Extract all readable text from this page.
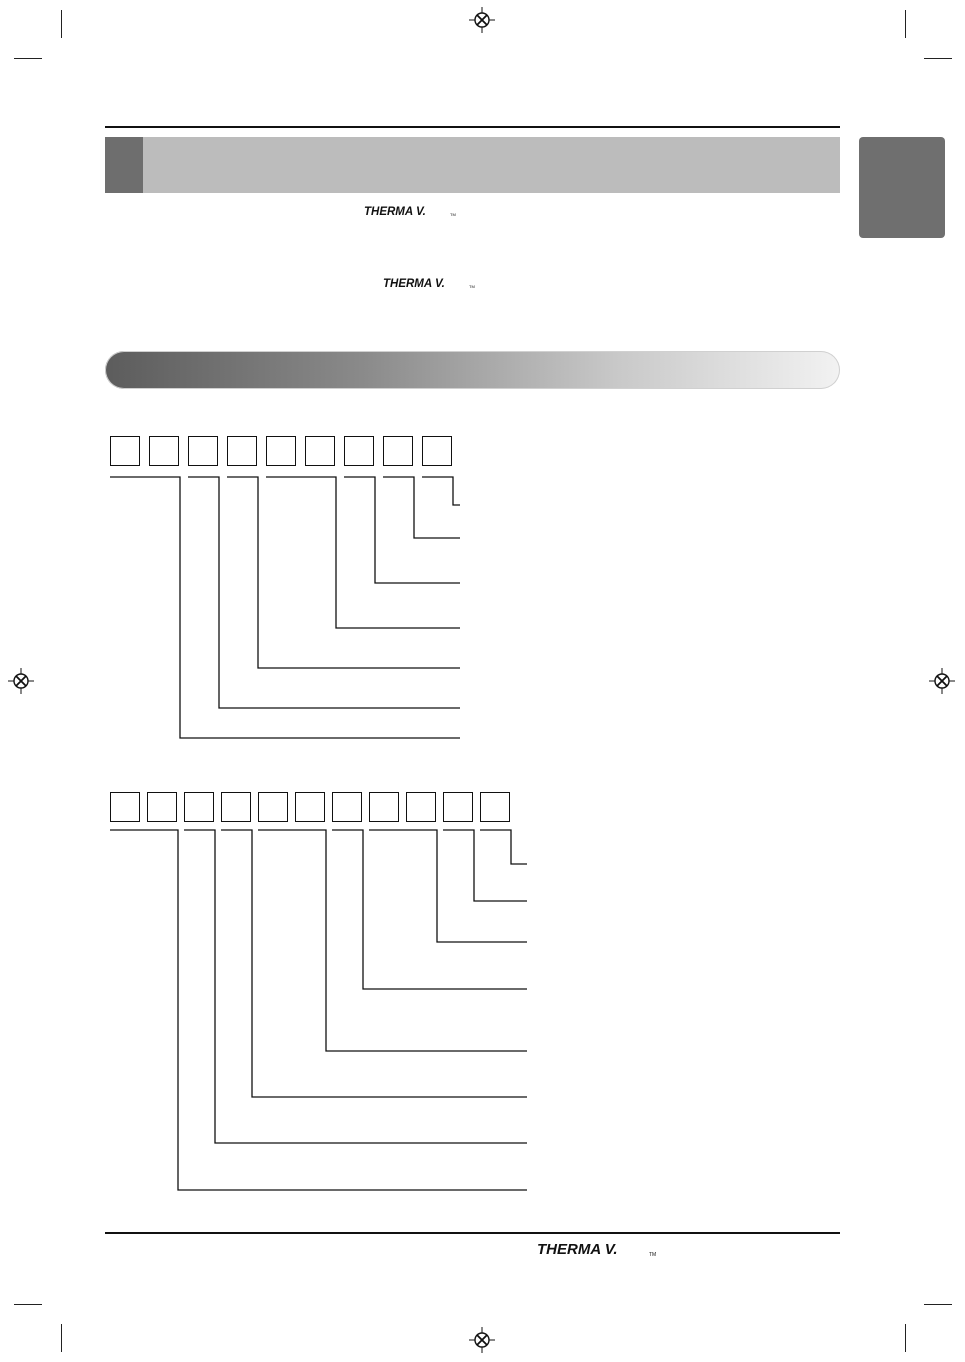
THERMA V.	TM
THERMA V.	TM
THERMA V.	TM
